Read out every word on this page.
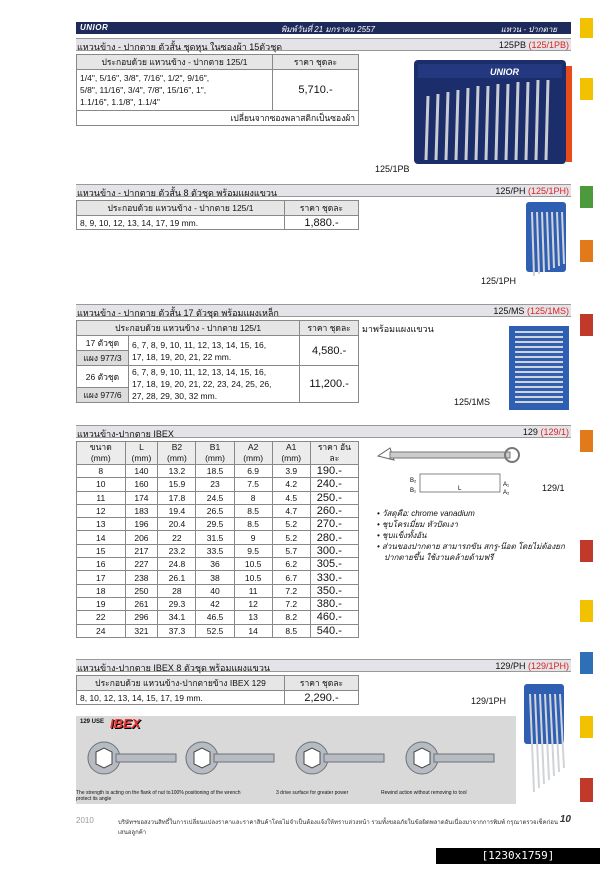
UNIOR	พิมพ์วันที่ 21 มกราคม 2557	แหวน - ปากตาย
แหวนข้าง - ปากตาย ตัวสั้น ชุดหุน ในซองผ้า 15ตัวชุด	125PB (125/1PB)
ประกอบด้วย แหวนข้าง - ปากตาย 125/1	ราคา ชุดละ

1/4", 5/16", 3/8", 7/16", 1/2", 9/16",
5/8", 11/16", 3/4", 7/8", 15/16", 1",
1.1/16", 1.1/8", 1.1/4"	5,710.-
เปลี่ยนจากซองพลาสติกเป็นซองผ้า	
UNIOR
125/1PB
แหวนข้าง - ปากตาย ตัวสั้น 8 ตัวชุด พร้อมแผงแขวน	125/PH (125/1PH)
ประกอบด้วย แหวนข้าง - ปากตาย 125/1	ราคา ชุดละ
8, 9, 10, 12, 13, 14, 17, 19 mm.	1,880.-
125/1PH
แหวนข้าง - ปากตาย ตัวสั้น 17 ตัวชุด พร้อมแผงเหล็ก	125/MS (125/1MS)
ประกอบด้วย แหวนข้าง - ปากตาย 125/1		ราคา ชุดละ
17 ตัวชุด	6, 7, 8, 9, 10, 11, 12, 13, 14, 15, 16,
17, 18, 19, 20, 21, 22 mm.	4,580.-
แผง 977/3		
26 ตัวชุด	6, 7, 8, 9, 10, 11, 12, 13, 14, 15, 16,
17, 18, 19, 20, 21, 22, 23, 24, 25, 26,
27, 28, 29, 30, 32 mm.	11,200.-
แผง 977/6		
มาพร้อมแผงแขวน
125/1MS
แหวนข้าง-ปากตาย IBEX	129 (129/1)
ขนาด (mm)	L (mm)	B2 (mm)	B1 (mm)	A2 (mm)	A1 (mm)	ราคา อันละ
8	140	13.2	18.5	6.9	3.9	190.-
10	160	15.9	23	7.5	4.2	240.-
11	174	17.8	24.5	8	4.5	250.-
12	183	19.4	26.5	8.5	4.7	260.-
13	196	20.4	29.5	8.5	5.2	270.-
14	206	22	31.5	9	5.2	280.-
15	217	23.2	33.5	9.5	5.7	300.-
16	227	24.8	36	10.5	6.2	305.-
17	238	26.1	38	10.5	6.7	330.-
18	250	28	40	11	7.2	350.-
19	261	29.3	42	12	7.2	380.-
22	296	34.1	46.5	13	8.2	460.-
24	321	37.3	52.5	14	8.5	540.-
B₂
B₁	L
A₁
A₂	129/1
• วัสดุคือ: chrome vanadium
• ชุบโครเมี่ยม หัวปัดเงา
• ชุบแข็งทั้งอัน
• ส่วนของปากตาย สามารถขัน สกรู-น๊อต โดยไม่ต้องยก ปากตายขึ้น ใช้งานคล้ายด้ามฟรี
แหวนข้าง-ปากตาย IBEX 8 ตัวชุด พร้อมแผงแขวน	129/PH (129/1PH)
ประกอบด้วย แหวนข้าง-ปากตายข้าง IBEX 129	ราคา ชุดละ
8, 10, 12, 13, 14, 15, 17, 19 mm.	2,290.-	129/1PH
129 USE IBEX
The strength is acting on the flank of nut to protect its angle
100% positioning of the wrench	3 drive surface for greater power	Rewind action without removing to tool
2010	บริษัทฯขอสงวนสิทธิ์ในการเปลี่ยนแปลงราคาและราคาสินค้าโดยไม่จำเป็นต้องแจ้งให้ทราบล่วงหน้า รวมทั้งขออภัยในข้อผิดพลาดอันเนื่องมาจากการพิมพ์ กรุณาตรวจเช็คก่อนเสนอลูกค้า
10
[1230x1759] http://upic.me/
